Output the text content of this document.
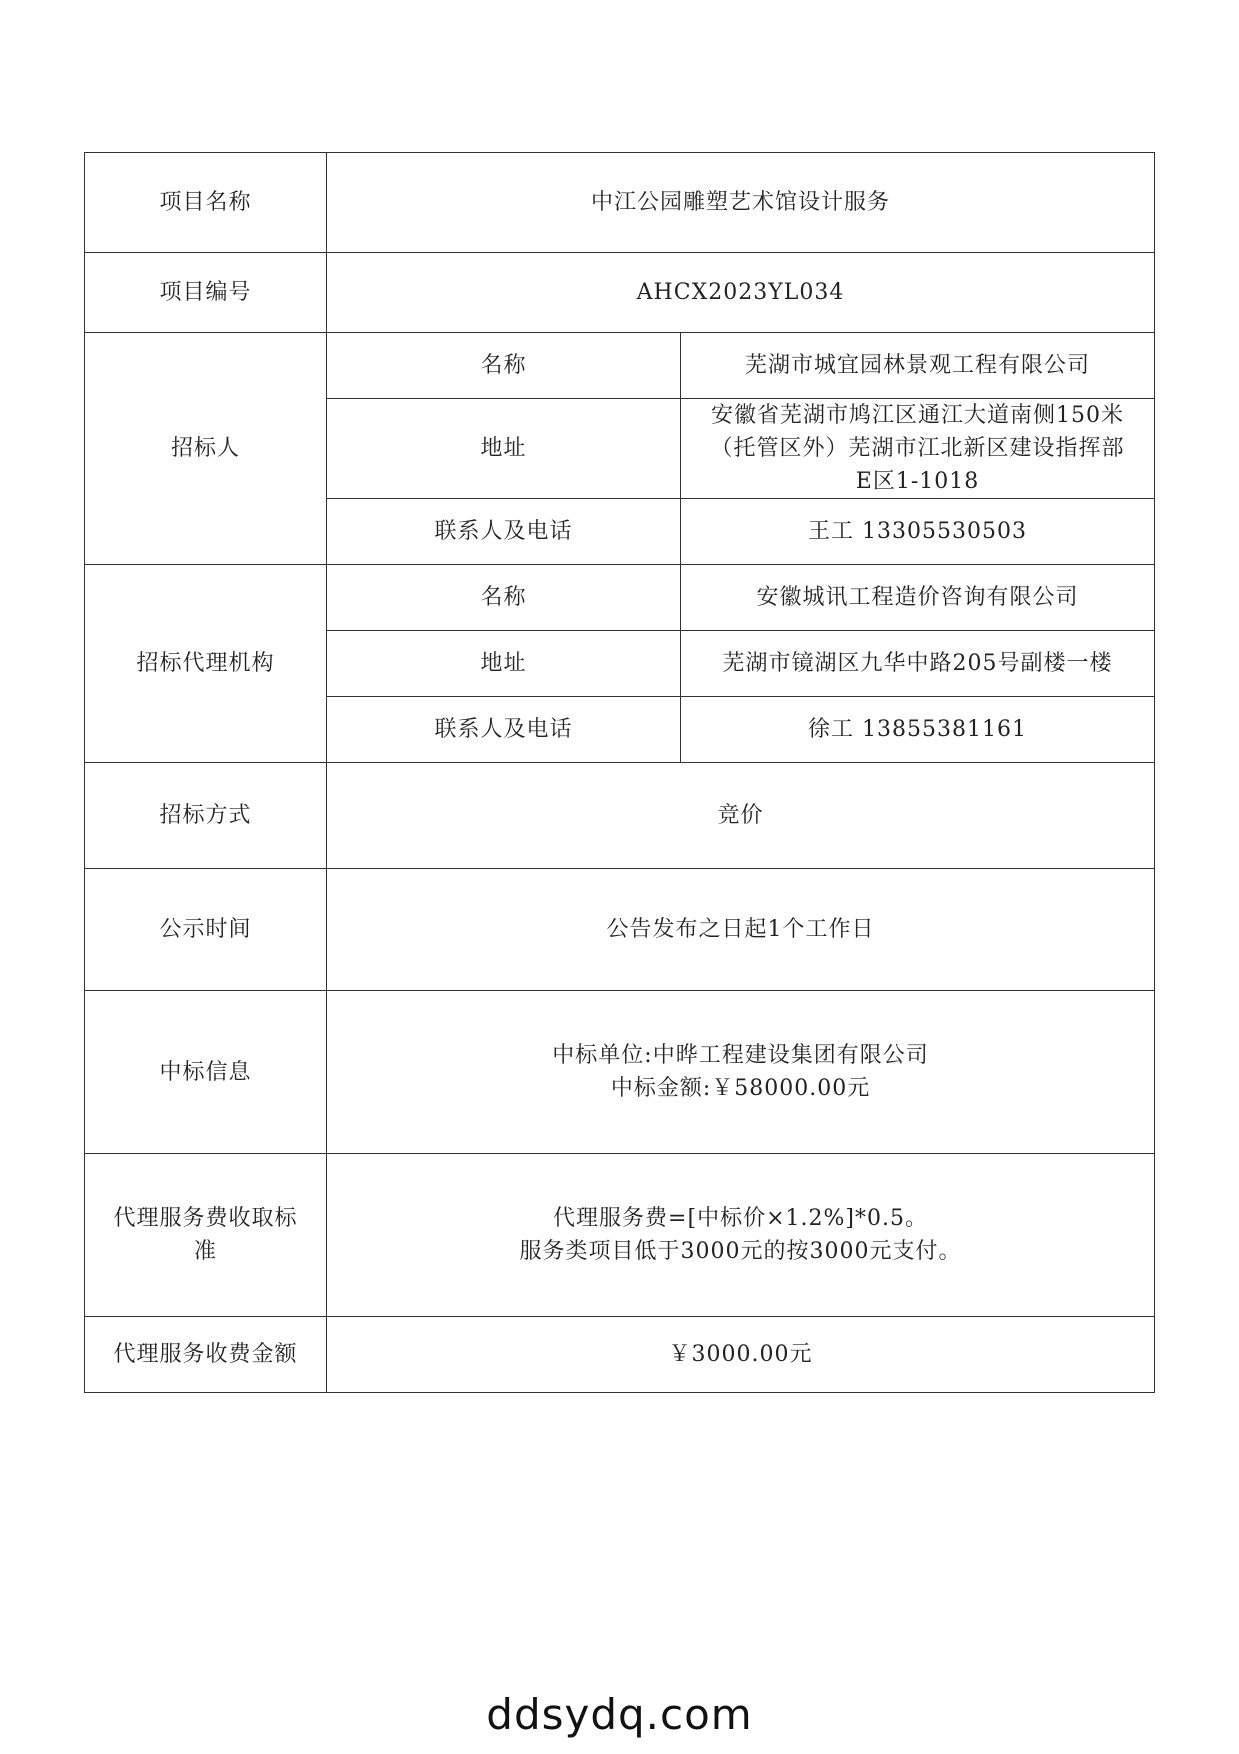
项目名称	中江公园雕塑艺术馆设计服务	
项目编号	AHCX2023YL034	
招标人	名称	芜湖市城宜园林景观工程有限公司
	地址	安徽省芜湖市鸠江区通江大道南侧150米
（托管区外）芜湖市江北新区建设指挥部
E区1-1018

	联系人及电话	王工 13305530503
招标代理机构	名称	安徽城讯工程造价咨询有限公司
	地址	芜湖市镜湖区九华中路205号副楼一楼
	联系人及电话	徐工 13855381161
招标方式	竞价	
公示时间	公告发布之日起1个工作日	
中标信息	中标单位:中晔工程建设集团有限公司
中标金额:￥58000.00元	

代理服务费收取标
准	代理服务费=[中标价×1.2%]*0.5。
服务类项目低于3000元的按3000元支付。	

代理服务收费金额	￥3000.00元	
ddsydq.com
